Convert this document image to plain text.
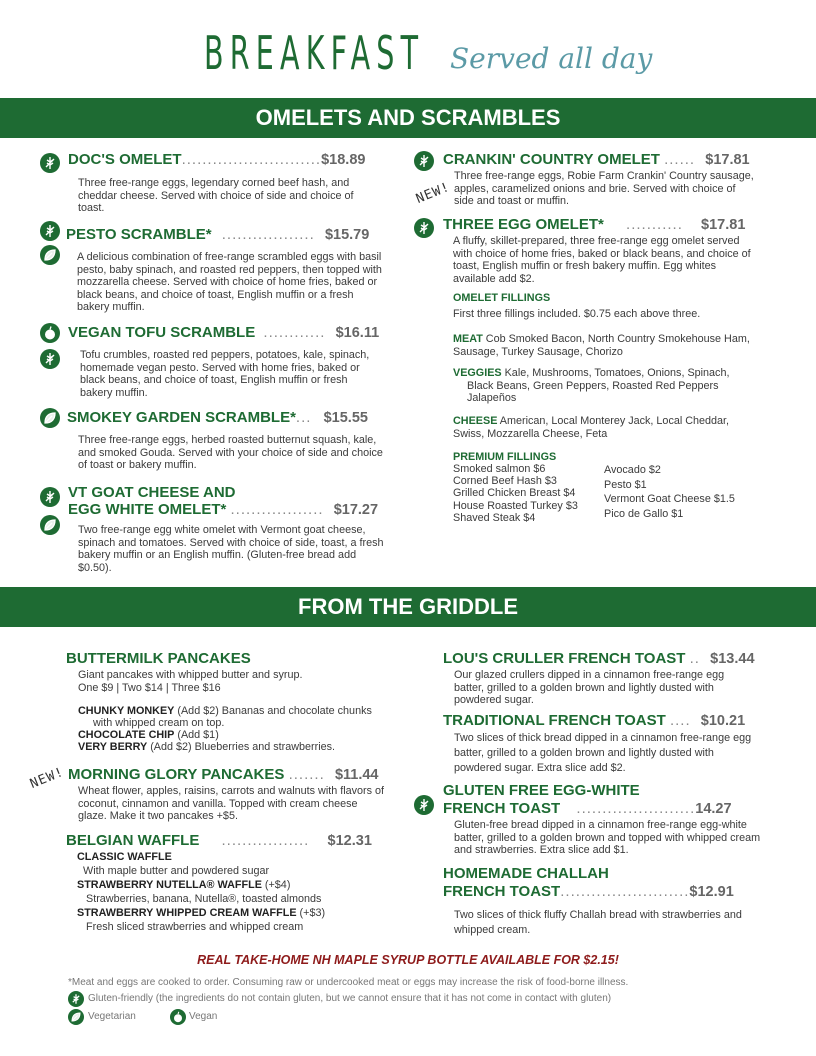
BREAKFAST Served all day
OMELETS AND SCRAMBLES
DOC'S OMELET...........................$18.89
Three free-range eggs, legendary corned beef hash, and cheddar cheese. Served with choice of side and choice of toast.
PESTO SCRAMBLE* .................. $15.79
A delicious combination of free-range scrambled eggs with basil pesto, baby spinach, and roasted red peppers, then topped with mozzarella cheese. Served with choice of home fries, baked or black beans, and choice of toast, English muffin or a fresh bakery muffin.
VEGAN TOFU SCRAMBLE ............ $16.11
Tofu crumbles, roasted red peppers, potatoes, kale, spinach, homemade vegan pesto. Served with home fries, baked or black beans, and choice of toast, English muffin or fresh bakery muffin.
SMOKEY GARDEN SCRAMBLE*... $15.55
Three free-range eggs, herbed roasted butternut squash, kale, and smoked Gouda. Served with your choice of side and choice of toast or bakery muffin.
VT GOAT CHEESE AND
EGG WHITE OMELET* .................. $17.27
Two free-range egg white omelet with Vermont goat cheese, spinach and tomatoes. Served with choice of side, toast, a fresh bakery muffin or an English muffin. (Gluten-free bread add $0.50).
CRANKIN' COUNTRY OMELET ...... $17.81
NEW!
Three free-range eggs, Robie Farm Crankin' Country sausage, apples, caramelized onions and brie. Served with choice of side and toast or muffin.
THREE EGG OMELET* ........... $17.81
A fluffy, skillet-prepared, three free-range egg omelet served with choice of home fries, baked or black beans, and choice of toast, English muffin or fresh bakery muffin. Egg whites available add $2.
OMELET FILLINGS
First three fillings included. $0.75 each above three.
MEAT Cob Smoked Bacon, North Country Smokehouse Ham, Sausage, Turkey Sausage, Chorizo
VEGGIES Kale, Mushrooms, Tomatoes, Onions, Spinach, Black Beans, Green Peppers, Roasted Red Peppers Jalapeños
CHEESE American, Local Monterey Jack, Local Cheddar, Swiss, Mozzarella Cheese, Feta
PREMIUM FILLINGS
Smoked salmon $6
Corned Beef Hash $3
Grilled Chicken Breast $4
House Roasted Turkey $3
Shaved Steak $4
Avocado $2
Pesto $1
Vermont Goat Cheese $1.5
Pico de Gallo $1
FROM THE GRIDDLE
BUTTERMILK PANCAKES
Giant pancakes with whipped butter and syrup.
One $9 | Two $14 | Three $16
CHUNKY MONKEY (Add $2) Bananas and chocolate chunks
with whipped cream on top.
CHOCOLATE CHIP (Add $1)
VERY BERRY (Add $2) Blueberries and strawberries.
NEW! MORNING GLORY PANCAKES ....... $11.44
Wheat flower, apples, raisins, carrots and walnuts with flavors of coconut, cinnamon and vanilla. Topped with cream cheese glaze. Make it two pancakes +$5.
BELGIAN WAFFLE ................. $12.31
CLASSIC WAFFLE
With maple butter and powdered sugar
STRAWBERRY NUTELLA® WAFFLE (+$4)
Strawberries, banana, Nutella®, toasted almonds
STRAWBERRY WHIPPED CREAM WAFFLE (+$3)
Fresh sliced strawberries and whipped cream
LOU'S CRULLER FRENCH TOAST .. $13.44
Our glazed crullers dipped in a cinnamon free-range egg batter, grilled to a golden brown and lightly dusted with powdered sugar.
TRADITIONAL FRENCH TOAST .... $10.21
Two slices of thick bread dipped in a cinnamon free-range egg batter, grilled to a golden brown and lightly dusted with powdered sugar. Extra slice add $2.
GLUTEN FREE EGG-WHITE
FRENCH TOAST .......................14.27
Gluten-free bread dipped in a cinnamon free-range egg-white batter, grilled to a golden brown and topped with whipped cream and strawberries. Extra slice add $1.
HOMEMADE CHALLAH
FRENCH TOAST.........................$12.91
Two slices of thick fluffy Challah bread with strawberries and whipped cream.
REAL TAKE-HOME NH MAPLE SYRUP BOTTLE AVAILABLE FOR $2.15!
*Meat and eggs are cooked to order. Consuming raw or undercooked meat or eggs may increase the risk of food-borne illness.
Gluten-friendly (the ingredients do not contain gluten, but we cannot ensure that it has not come in contact with gluten)
Vegetarian	Vegan
